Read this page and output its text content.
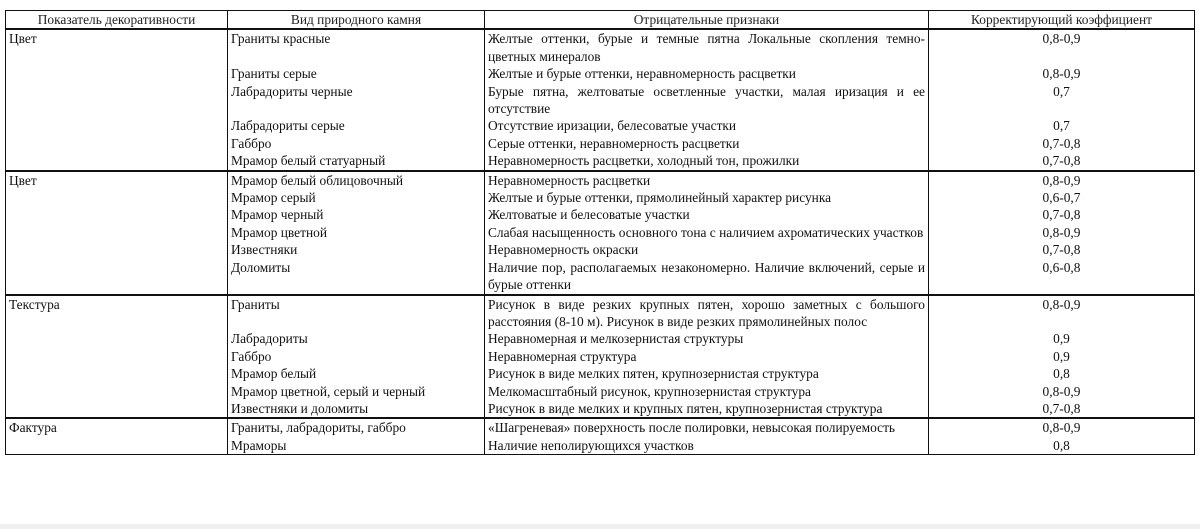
Показатель декоративности	Вид природного камня	Отрицательные признаки	Корректирующий коэффициент
Цвет	Граниты красные	Желтые оттенки, бурые и темные пятна Локальные скопления темно-цветных минералов	0,8-0,9
	Граниты серые	Желтые и бурые оттенки, неравномерность расцветки	0,8-0,9
	Лабрадориты черные	Бурые пятна, желтоватые осветленные участки, малая иризация и ее отсутствие	0,7
	Лабрадориты серые	Отсутствие иризации, белесоватые участки	0,7
	Габбро	Серые оттенки, неравномерность расцветки	0,7-0,8
	Мрамор белый статуарный	Неравномерность расцветки, холодный тон, прожилки	0,7-0,8
Цвет	Мрамор белый облицовочный	Неравномерность расцветки	0,8-0,9
	Мрамор серый	Желтые и бурые оттенки, прямолинейный характер рисунка	0,6-0,7
	Мрамор черный	Желтоватые и белесоватые участки	0,7-0,8
	Мрамор цветной	Слабая насыщенность основного тона с наличием ахроматических участков	0,8-0,9
	Известняки	Неравномерность окраски	0,7-0,8
	Доломиты	Наличие пор, располагаемых незакономерно. Наличие включений, серые и бурые оттенки	0,6-0,8
Текстура	Граниты	Рисунок в виде резких крупных пятен, хорошо заметных с большого расстояния (8-10 м). Рисунок в виде резких прямолинейных полос	0,8-0,9
	Лабрадориты	Неравномерная и мелкозернистая структуры	0,9
	Габбро	Неравномерная структура	0,9
	Мрамор белый	Рисунок в виде мелких пятен, крупнозернистая структура	0,8
	Мрамор цветной, серый и черный	Мелкомасштабный рисунок, крупнозернистая структура	0,8-0,9
	Известняки и доломиты	Рисунок в виде мелких и крупных пятен, крупнозернистая структура	0,7-0,8
Фактура	Граниты, лабрадориты, габбро	«Шагреневая» поверхность после полировки, невысокая полируемость	0,8-0,9
	Мраморы	Наличие неполирующихся участков	0,8
